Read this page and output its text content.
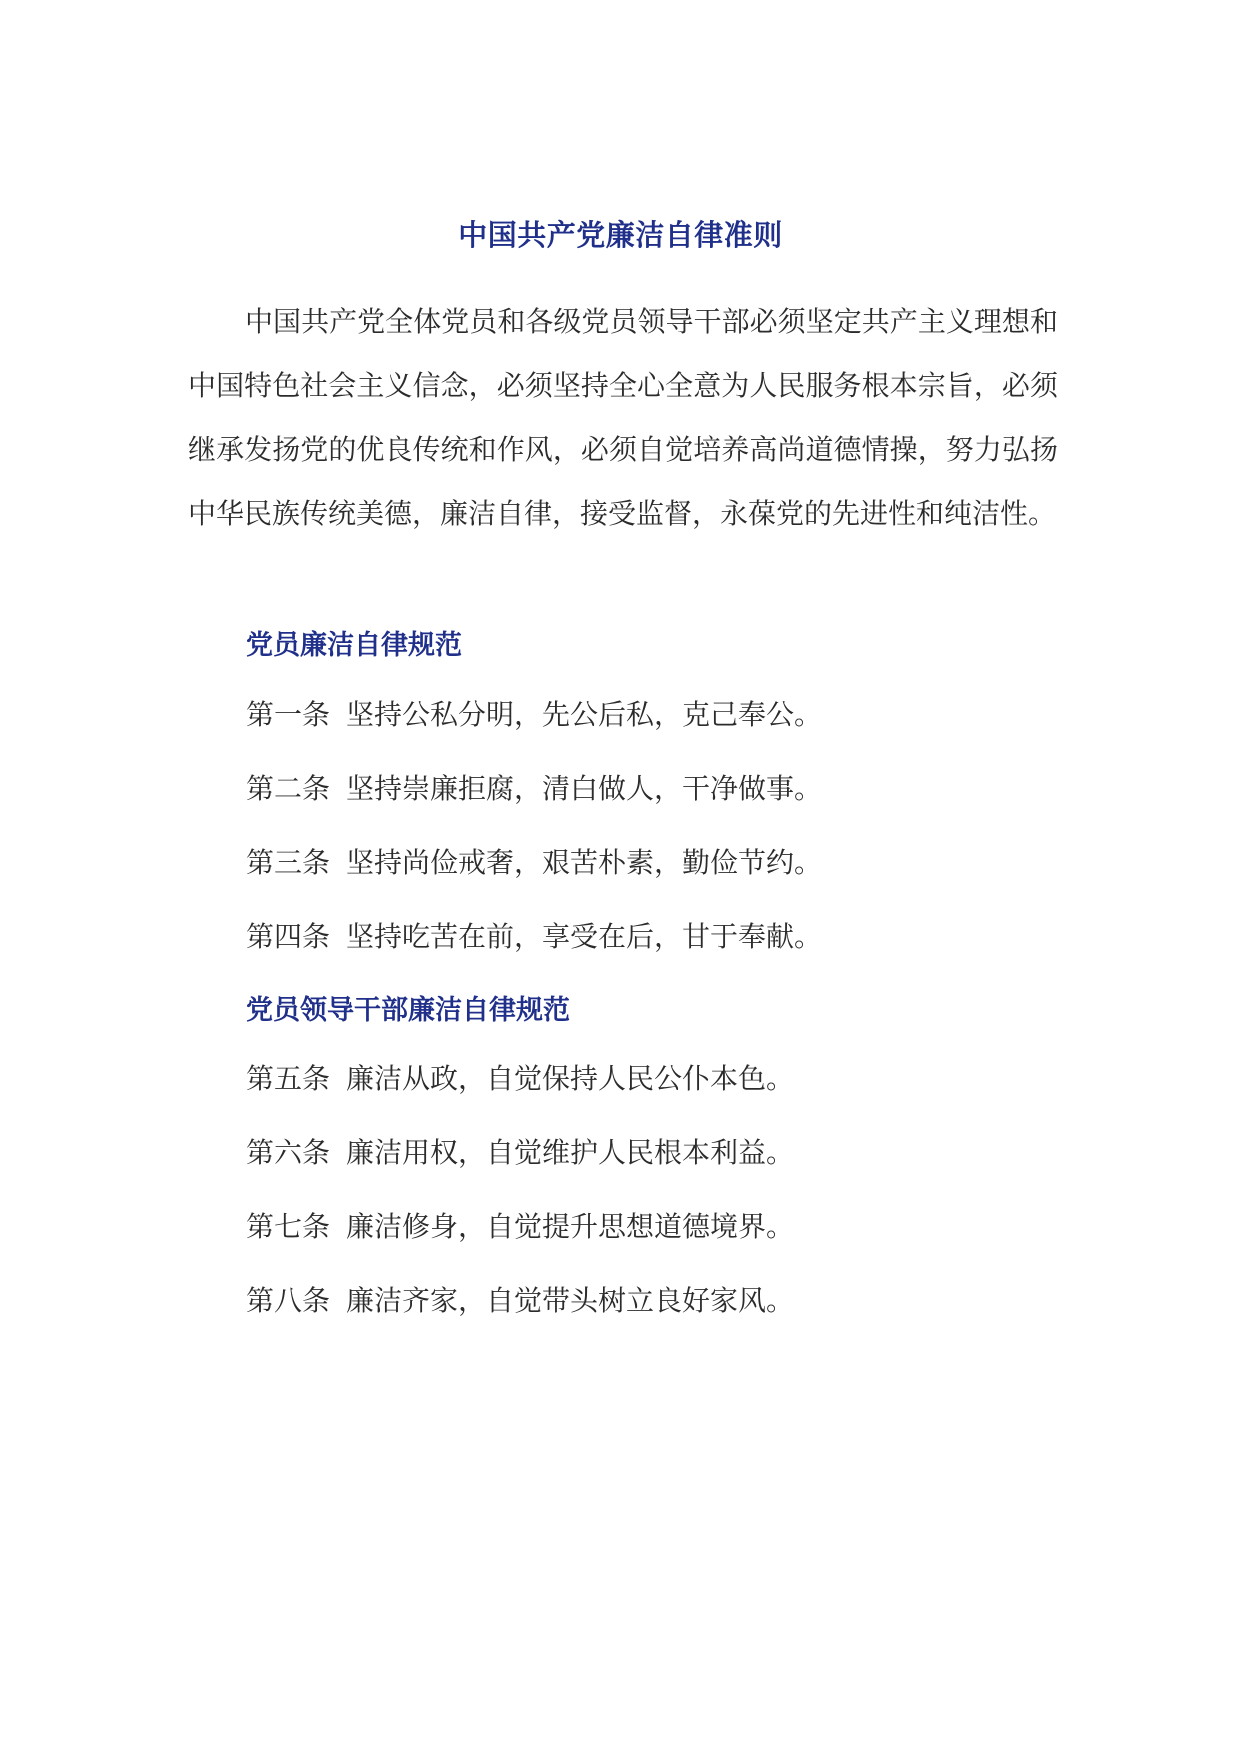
中国共产党廉洁自律准则

中国共产党全体党员和各级党员领导干部必须坚定共产主义理想和中国特色社会主义信念，必须坚持全心全意为人民服务根本宗旨，必须继承发扬党的优良传统和作风，必须自觉培养高尚道德情操，努力弘扬中华民族传统美德，廉洁自律，接受监督，永葆党的先进性和纯洁性。

党员廉洁自律规范

第一条 坚持公私分明，先公后私，克己奉公。

第二条 坚持崇廉拒腐，清白做人，干净做事。

第三条 坚持尚俭戒奢，艰苦朴素，勤俭节约。

第四条 坚持吃苦在前，享受在后，甘于奉献。

党员领导干部廉洁自律规范

第五条 廉洁从政，自觉保持人民公仆本色。

第六条 廉洁用权，自觉维护人民根本利益。

第七条 廉洁修身，自觉提升思想道德境界。

第八条 廉洁齐家，自觉带头树立良好家风。
